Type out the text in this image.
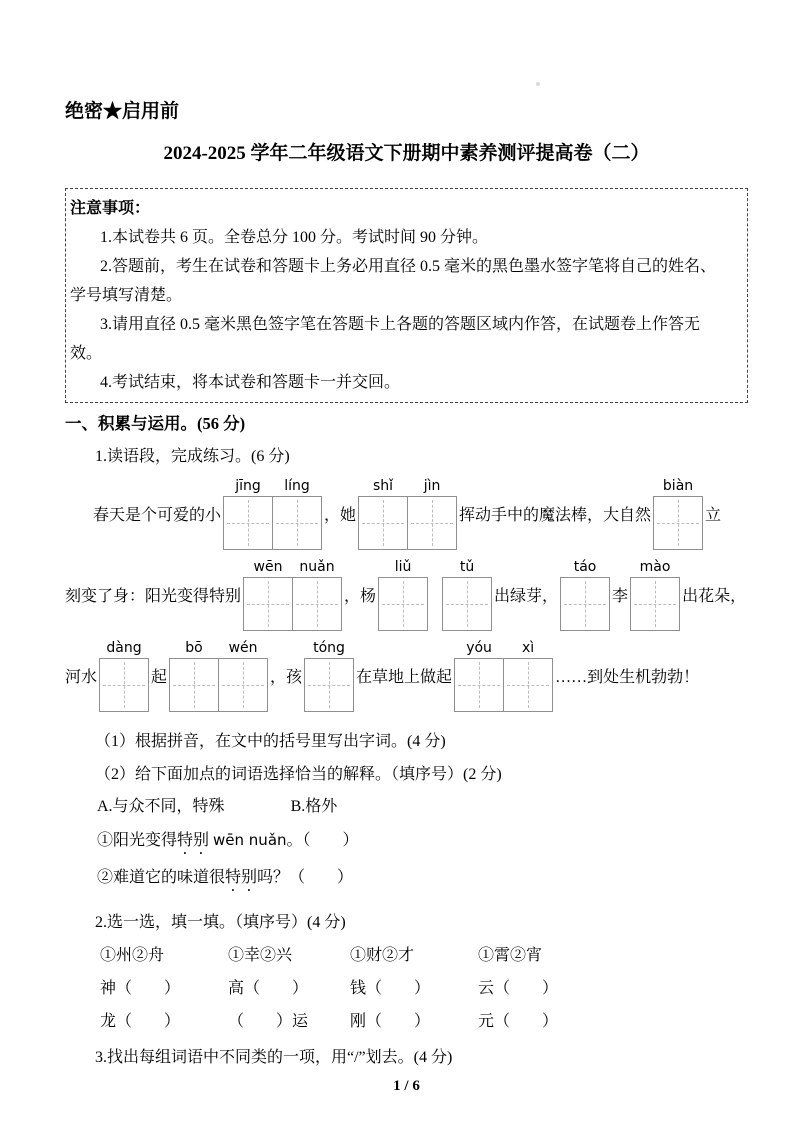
绝密★启用前
2024-2025 学年二年级语文下册期中素养测评提高卷（二）
注意事项：
1.本试卷共 6 页。全卷总分 100 分。考试时间 90 分钟。
2.答题前，考生在试卷和答题卡上务必用直径 0.5 毫米的黑色墨水签字笔将自己的姓名、
学号填写清楚。
3.请用直径 0.5 毫米黑色签字笔在答题卡上各题的答题区域内作答，在试题卷上作答无
效。
4.考试结束，将本试卷和答题卡一并交回。
一、积累与运用。(56 分)
1.读语段，完成练习。(6 分)
春天是个可爱的小
jīng líng
，她
shǐ jìn
挥动手中的魔法棒，大自然
biàn
立
刻变了身：阳光变得特别
wēn nuǎn
，杨
liǔ	tǔ
出绿芽，
táo
李
mào
出花朵，
河水
dàng
起
bō wén
，孩
tóng
在草地上做起
yóu xì
……到处生机勃勃！
（1）根据拼音，在文中的括号里写出字词。(4 分)
（2）给下面加点的词语选择恰当的解释。（填序号）(2 分)
A.与众不同，特殊	B.格外
①阳光变得特别 wēn nuǎn。（　　）
②难道它的味道很特别吗？（　　）
2.选一选，填一填。（填序号）(4 分)
①州②舟	①幸②兴	①财②才	①霄②宵
神（　　）	高（　　）	钱（　　）	云（　　）
龙（　　）	（　　）运	刚（　　）	元（　　）
3.找出每组词语中不同类的一项，用“/”划去。(4 分)
1 / 6
